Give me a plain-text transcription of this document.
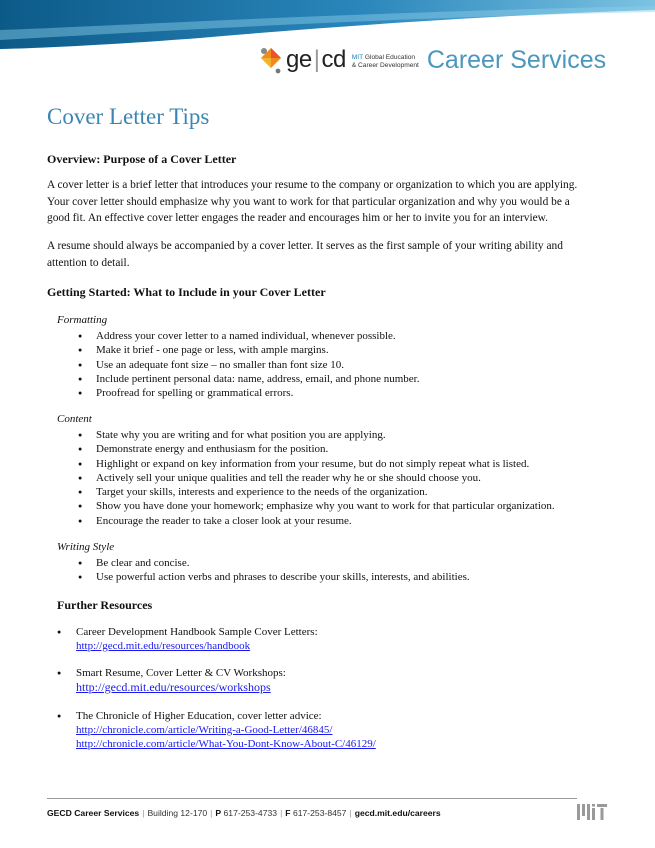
ge|cd MIT Global Education
& Career Development Career Services
Cover Letter Tips
Overview: Purpose of a Cover Letter
A cover letter is a brief letter that introduces your resume to the company or organization to which you are applying.
Your cover letter should emphasize why you want to work for that particular organization and why you would be a
good fit. An effective cover letter engages the reader and encourages him or her to invite you for an interview.
A resume should always be accompanied by a cover letter. It serves as the first sample of your writing ability and
attention to detail.
Getting Started: What to Include in your Cover Letter
Formatting
● Address your cover letter to a named individual, whenever possible.
● Make it brief - one page or less, with ample margins.
● Use an adequate font size – no smaller than font size 10.
● Include pertinent personal data: name, address, email, and phone number.
● Proofread for spelling or grammatical errors.
Content
● State why you are writing and for what position you are applying.
● Demonstrate energy and enthusiasm for the position.
● Highlight or expand on key information from your resume, but do not simply repeat what is listed.
● Actively sell your unique qualities and tell the reader why he or she should choose you.
● Target your skills, interests and experience to the needs of the organization.
● Show you have done your homework; emphasize why you want to work for that particular organization.
● Encourage the reader to take a closer look at your resume.
Writing Style
● Be clear and concise.
● Use powerful action verbs and phrases to describe your skills, interests, and abilities.
Further Resources
● Career Development Handbook Sample Cover Letters:
http://gecd.mit.edu/resources/handbook
● Smart Resume, Cover Letter & CV Workshops:
http://gecd.mit.edu/resources/workshops
● The Chronicle of Higher Education, cover letter advice:
http://chronicle.com/article/Writing-a-Good-Letter/46845/
http://chronicle.com/article/What-You-Dont-Know-About-C/46129/
GECD Career Services | Building 12-170 | P 617-253-4733 | F 617-253-8457 | gecd.mit.edu/careers
